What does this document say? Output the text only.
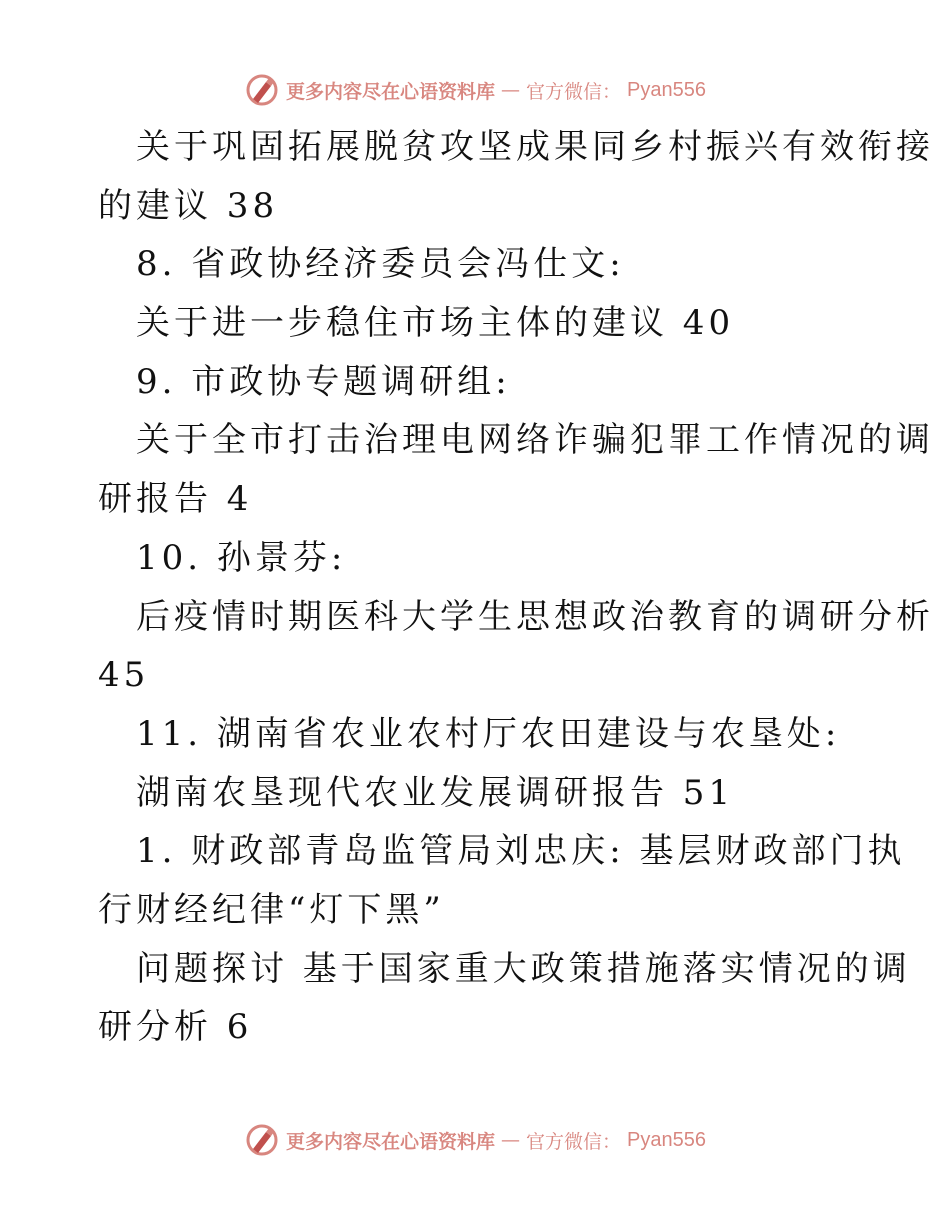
更多内容尽在心语资料库 — 官方微信： Pyan556
关于巩固拓展脱贫攻坚成果同乡村振兴有效衔接
的建议 38
8. 省政协经济委员会冯仕文:
关于进一步稳住市场主体的建议 40
9. 市政协专题调研组:
关于全市打击治理电网络诈骗犯罪工作情况的调
研报告 4
10. 孙景芬:
后疫情时期医科大学生思想政治教育的调研分析
45
11. 湖南省农业农村厅农田建设与农垦处:
湖南农垦现代农业发展调研报告 51
1. 财政部青岛监管局刘忠庆: 基层财政部门执
行财经纪律“灯下黑”
问题探讨 基于国家重大政策措施落实情况的调
研分析 6
更多内容尽在心语资料库 — 官方微信： Pyan556
